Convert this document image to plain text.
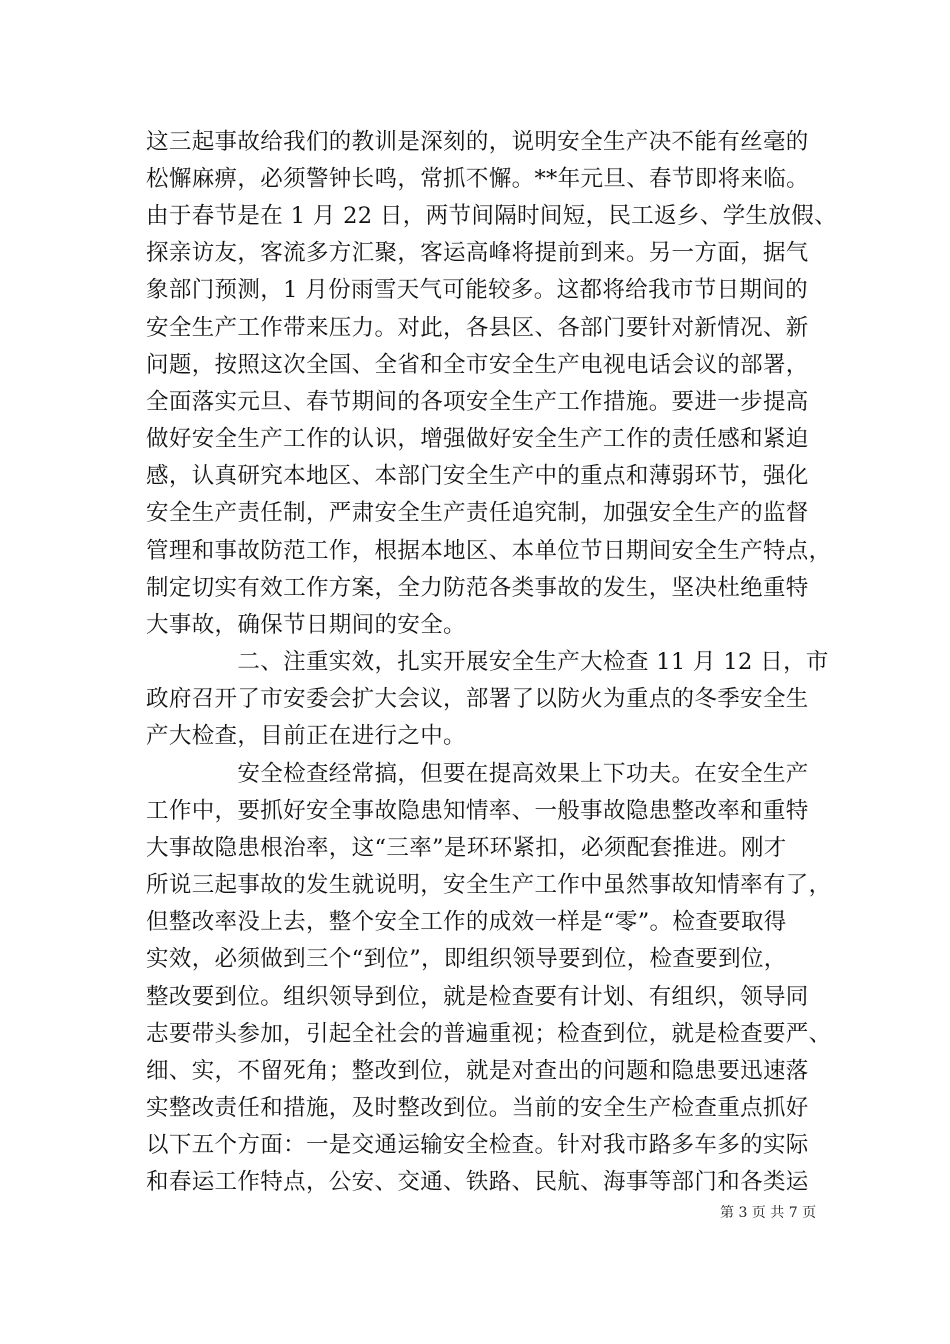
这三起事故给我们的教训是深刻的，说明安全生产决不能有丝毫的
松懈麻痹，必须警钟长鸣，常抓不懈。**年元旦、春节即将来临。
由于春节是在 1 月 22 日，两节间隔时间短，民工返乡、学生放假、
探亲访友，客流多方汇聚，客运高峰将提前到来。另一方面，据气
象部门预测，1 月份雨雪天气可能较多。这都将给我市节日期间的
安全生产工作带来压力。对此，各县区、各部门要针对新情况、新
问题，按照这次全国、全省和全市安全生产电视电话会议的部署，
全面落实元旦、春节期间的各项安全生产工作措施。要进一步提高
做好安全生产工作的认识，增强做好安全生产工作的责任感和紧迫
感，认真研究本地区、本部门安全生产中的重点和薄弱环节，强化
安全生产责任制，严肃安全生产责任追究制，加强安全生产的监督
管理和事故防范工作，根据本地区、本单位节日期间安全生产特点，
制定切实有效工作方案，全力防范各类事故的发生，坚决杜绝重特
大事故，确保节日期间的安全。
　　　　二、注重实效，扎实开展安全生产大检查 11 月 12 日，市
政府召开了市安委会扩大会议，部署了以防火为重点的冬季安全生
产大检查，目前正在进行之中。
　　　　安全检查经常搞，但要在提高效果上下功夫。在安全生产
工作中，要抓好安全事故隐患知情率、一般事故隐患整改率和重特
大事故隐患根治率，这“三率”是环环紧扣，必须配套推进。刚才
所说三起事故的发生就说明，安全生产工作中虽然事故知情率有了，
但整改率没上去，整个安全工作的成效一样是“零”。检查要取得
实效，必须做到三个“到位”，即组织领导要到位，检查要到位，
整改要到位。组织领导到位，就是检查要有计划、有组织，领导同
志要带头参加，引起全社会的普遍重视；检查到位，就是检查要严、
细、实，不留死角；整改到位，就是对查出的问题和隐患要迅速落
实整改责任和措施，及时整改到位。当前的安全生产检查重点抓好
以下五个方面：一是交通运输安全检查。针对我市路多车多的实际
和春运工作特点，公安、交通、铁路、民航、海事等部门和各类运
第 3 页 共 7 页
